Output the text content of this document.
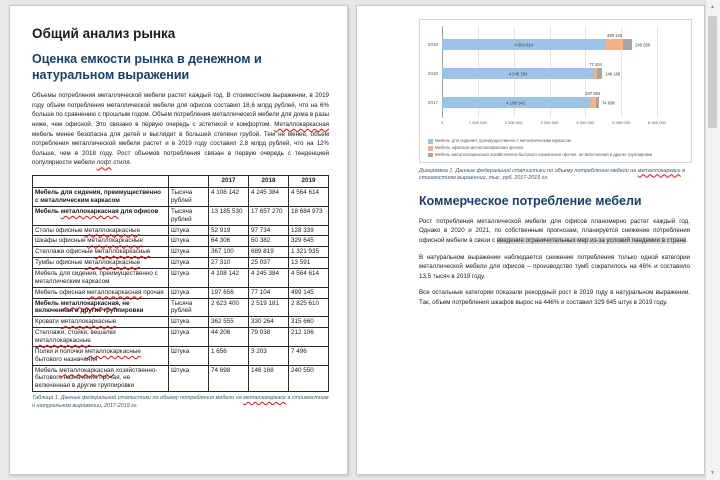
Общий анализ рынка
Оценка емкости рынка в денежном и натуральном выражении

Объемы потребления металлической мебели растет каждый год. В стоимостном выражении, в 2019 году объем потребления металлической мебели для офисов составил 18,6 млрд рублей, что на 6% больше по сравнению с прошлым годом. Объем потребления металлической мебели для дома в разы ниже, чем офисной. Это связано в первую очередь с эстетикой и комфортом. Металлокаркасная мебель менее безопасна для детей и выглядит в большей степени грубой. Тем не менее, объем потребления металлической мебели растет и в 2019 году составил 2,8 млрд рублей, что на 12% больше, чем в 2018 году. Рост объемов потребления связан в первую очередь с тенденцией популярности мебели лофт стиля.

		2017	2018	2019
Мебель для сидения, преимущественно с металлическим каркасом	Тысяча рублей	4 108 142	4 245 384	4 564 614
Мебель металлокаркасная для офисов	Тысяча рублей	13 185 530	17 657 270	18 684 973
Столы офисные металлокаркасные	Штука	52 919	97 734	128 339
Шкафы офисные металлокаркасные	Штука	64 306	60 382	329 645
Стеллажи офисные металлокаркасные	Штука	367 100	689 819	1 321 935
Тумбы офисные металлокаркасные	Штука	27 310	25 037	13 591
Мебель для сидения, преимущественно с металлическим каркасом	Штука	4 108 142	4 245 384	4 564 614
Мебель офисная металлокаркасная прочая	Штука	197 656	77 104	499 145
Мебель металлокаркасная, не включенная в другие группировки	Тысяча рублей	2 623 400	2 519 181	2 825 610
Кровати металлокаркасные	Штука	362 555	330 264	315 660
Стеллажи, стойки, вешалки металлокаркасные	Штука	44 206	79 038	212 106
Полки и полочки металлокаркасные бытового назначения	Штука	1 656	3 203	7 496
Мебель металлокаркасная хозяйственно-бытового назначения прочая, не включенная в другие группировки	Штука	74 698	146 168	240 550

Таблица 1. Данные федеральной статистики по объему потребления мебели на металлокаркасе в стоимостном и натуральном выражении, 2017-2019 гг.

0	1 000 000	2 000 000	3 000 000	4 000 000	5 000 000	6 000 000
2019	4 564 614
499 145
240 550
2018	4 245 384
77 104
146 168
2017	4 108 142
197 656
74 698
Мебель для сидения, преимущественно с металлическим каркасом
Мебель офисная металлокаркасная прочая
Мебель металлокаркасная хозяйственно-бытового назначения прочая, не включенная в другие группировки

Диаграмма 1. Данные федеральной статистики по объему потребления мебели на металлокаркасе в стоимостном выражении, тыс. руб. 2017-2019 гг.

Коммерческое потребление мебели

Рост потребления металлической мебели для офисов планомерно растет каждый год. Однако в 2020 и 2021, по собственным прогнозам, планируется снижение потребления офисной мебели в связи с введение ограничительных мер из-за условий пандемии в стране.

В натуральном выражении наблюдается снижение потребления только одной категории металлической мебели для офисов – производство тумб сократилось на 46% и составило 13,5 тысяч в 2019 году.

Все остальные категории показали рекордный рост в 2019 году в натуральном выражении. Так, объем потребления шкафов вырос на 446% и составил 329 645 штук в 2019 году.

▲
▼
